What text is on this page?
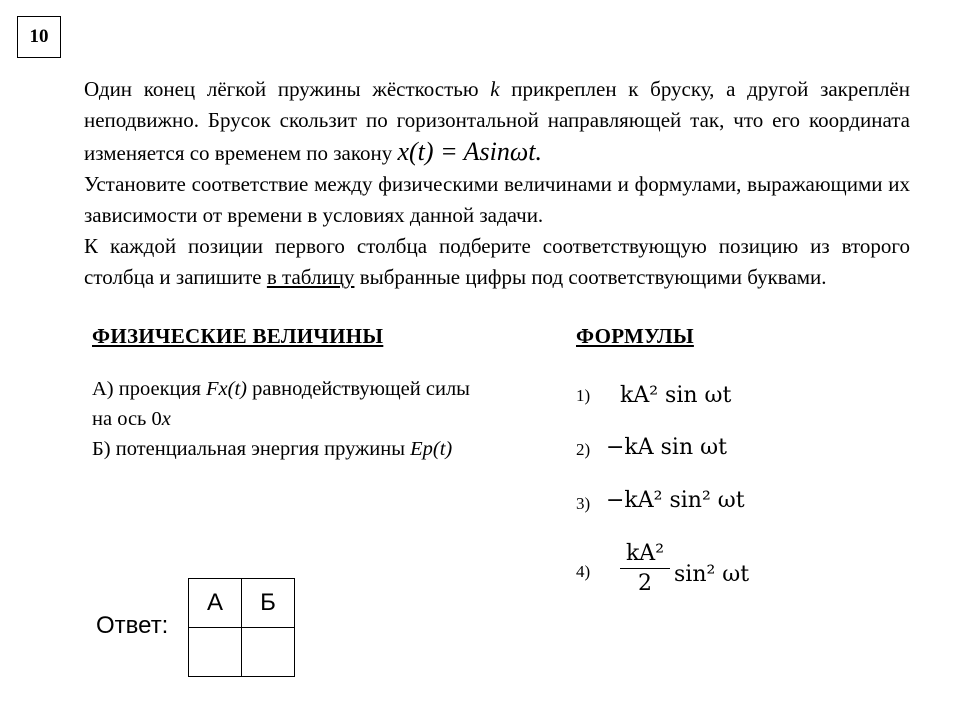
10

Один конец лёгкой пружины жёсткостью k прикреплен к бруску, а другой закреплён неподвижно. Брусок скользит по горизонтальной направляющей так, что его координата изменяется со временем по закону x(t) = Asinωt.

Установите соответствие между физическими величинами и формулами, выражающими их зависимости от времени в условиях данной задачи.

К каждой позиции первого столбца подберите соответствующую позицию из второго столбца и запишите в таблицу выбранные цифры под соответствующими буквами.

ФИЗИЧЕСКИЕ ВЕЛИЧИНЫ	ФОРМУЛЫ
А) проекция Fx(t) равнодействующей силы
на ось 0x
Б) потенциальная энергия пружины Ep(t)
1) kA² sin ωt
2) −kA sin ωt
3) −kA² sin² ωt
4)
kA²
2	sin² ωt
Ответ:
А	Б
